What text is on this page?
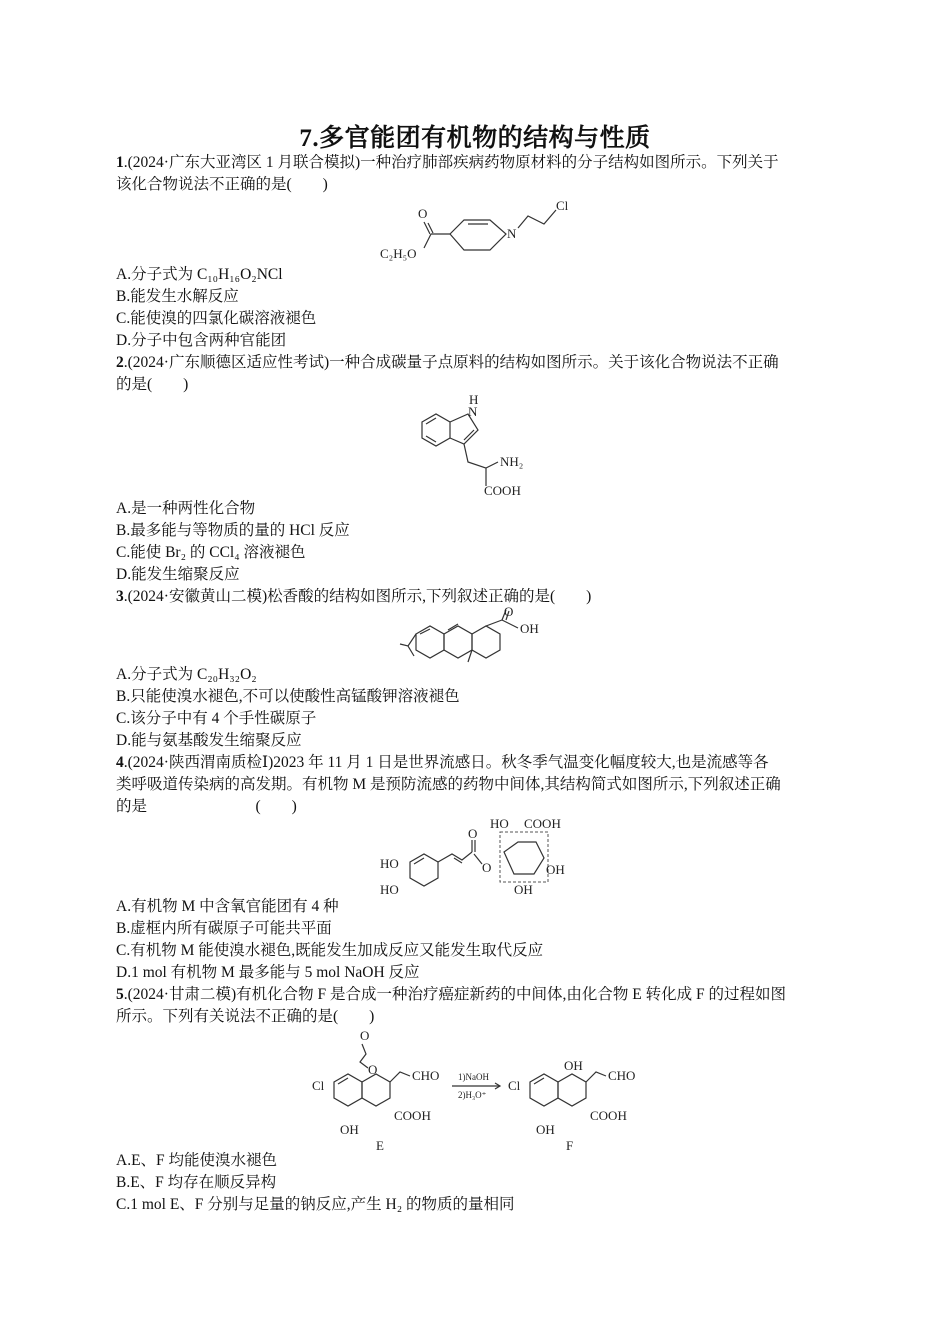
7.多官能团有机物的结构与性质
1.(2024·广东大亚湾区 1 月联合模拟)一种治疗肺部疾病药物原材料的分子结构如图所示。下列关于
该化合物说法不正确的是(　　)
O
C₂H₅O
N
Cl
A.分子式为 C₁₀H₁₆O₂NCl
B.能发生水解反应
C.能使溴的四氯化碳溶液褪色
D.分子中包含两种官能团
2.(2024·广东顺德区适应性考试)一种合成碳量子点原料的结构如图所示。关于该化合物说法不正确
的是(　　)
H
N
NH₂
COOH
A.是一种两性化合物
B.最多能与等物质的量的 HCl 反应
C.能使 Br₂ 的 CCl₄ 溶液褪色
D.能发生缩聚反应
3.(2024·安徽黄山二模)松香酸的结构如图所示,下列叙述正确的是(　　)
O
OH
A.分子式为 C₂₀H₃₂O₂
B.只能使溴水褪色,不可以使酸性高锰酸钾溶液褪色
C.该分子中有 4 个手性碳原子
D.能与氨基酸发生缩聚反应
4.(2024·陕西渭南质检Ⅰ)2023 年 11 月 1 日是世界流感日。秋冬季气温变化幅度较大,也是流感等各
类呼吸道传染病的高发期。有机物 M 是预防流感的药物中间体,其结构简式如图所示,下列叙述正确
的是　　　　　　　(　　)
HO
HO
O
O
HO COOH
OH
OH
A.有机物 M 中含氧官能团有 4 种
B.虚框内所有碳原子可能共平面
C.有机物 M 能使溴水褪色,既能发生加成反应又能发生取代反应
D.1 mol 有机物 M 最多能与 5 mol NaOH 反应
5.(2024·甘肃二模)有机化合物 F 是合成一种治疗癌症新药的中间体,由化合物 E 转化成 F 的过程如图
所示。下列有关说法不正确的是(　　)
O
O
Cl
CHO
COOH
OH
E
1)NaOH
2)H₃O⁺
Cl
OH
CHO
COOH
OH
F
A.E、F 均能使溴水褪色
B.E、F 均存在顺反异构
C.1 mol E、F 分别与足量的钠反应,产生 H₂ 的物质的量相同
